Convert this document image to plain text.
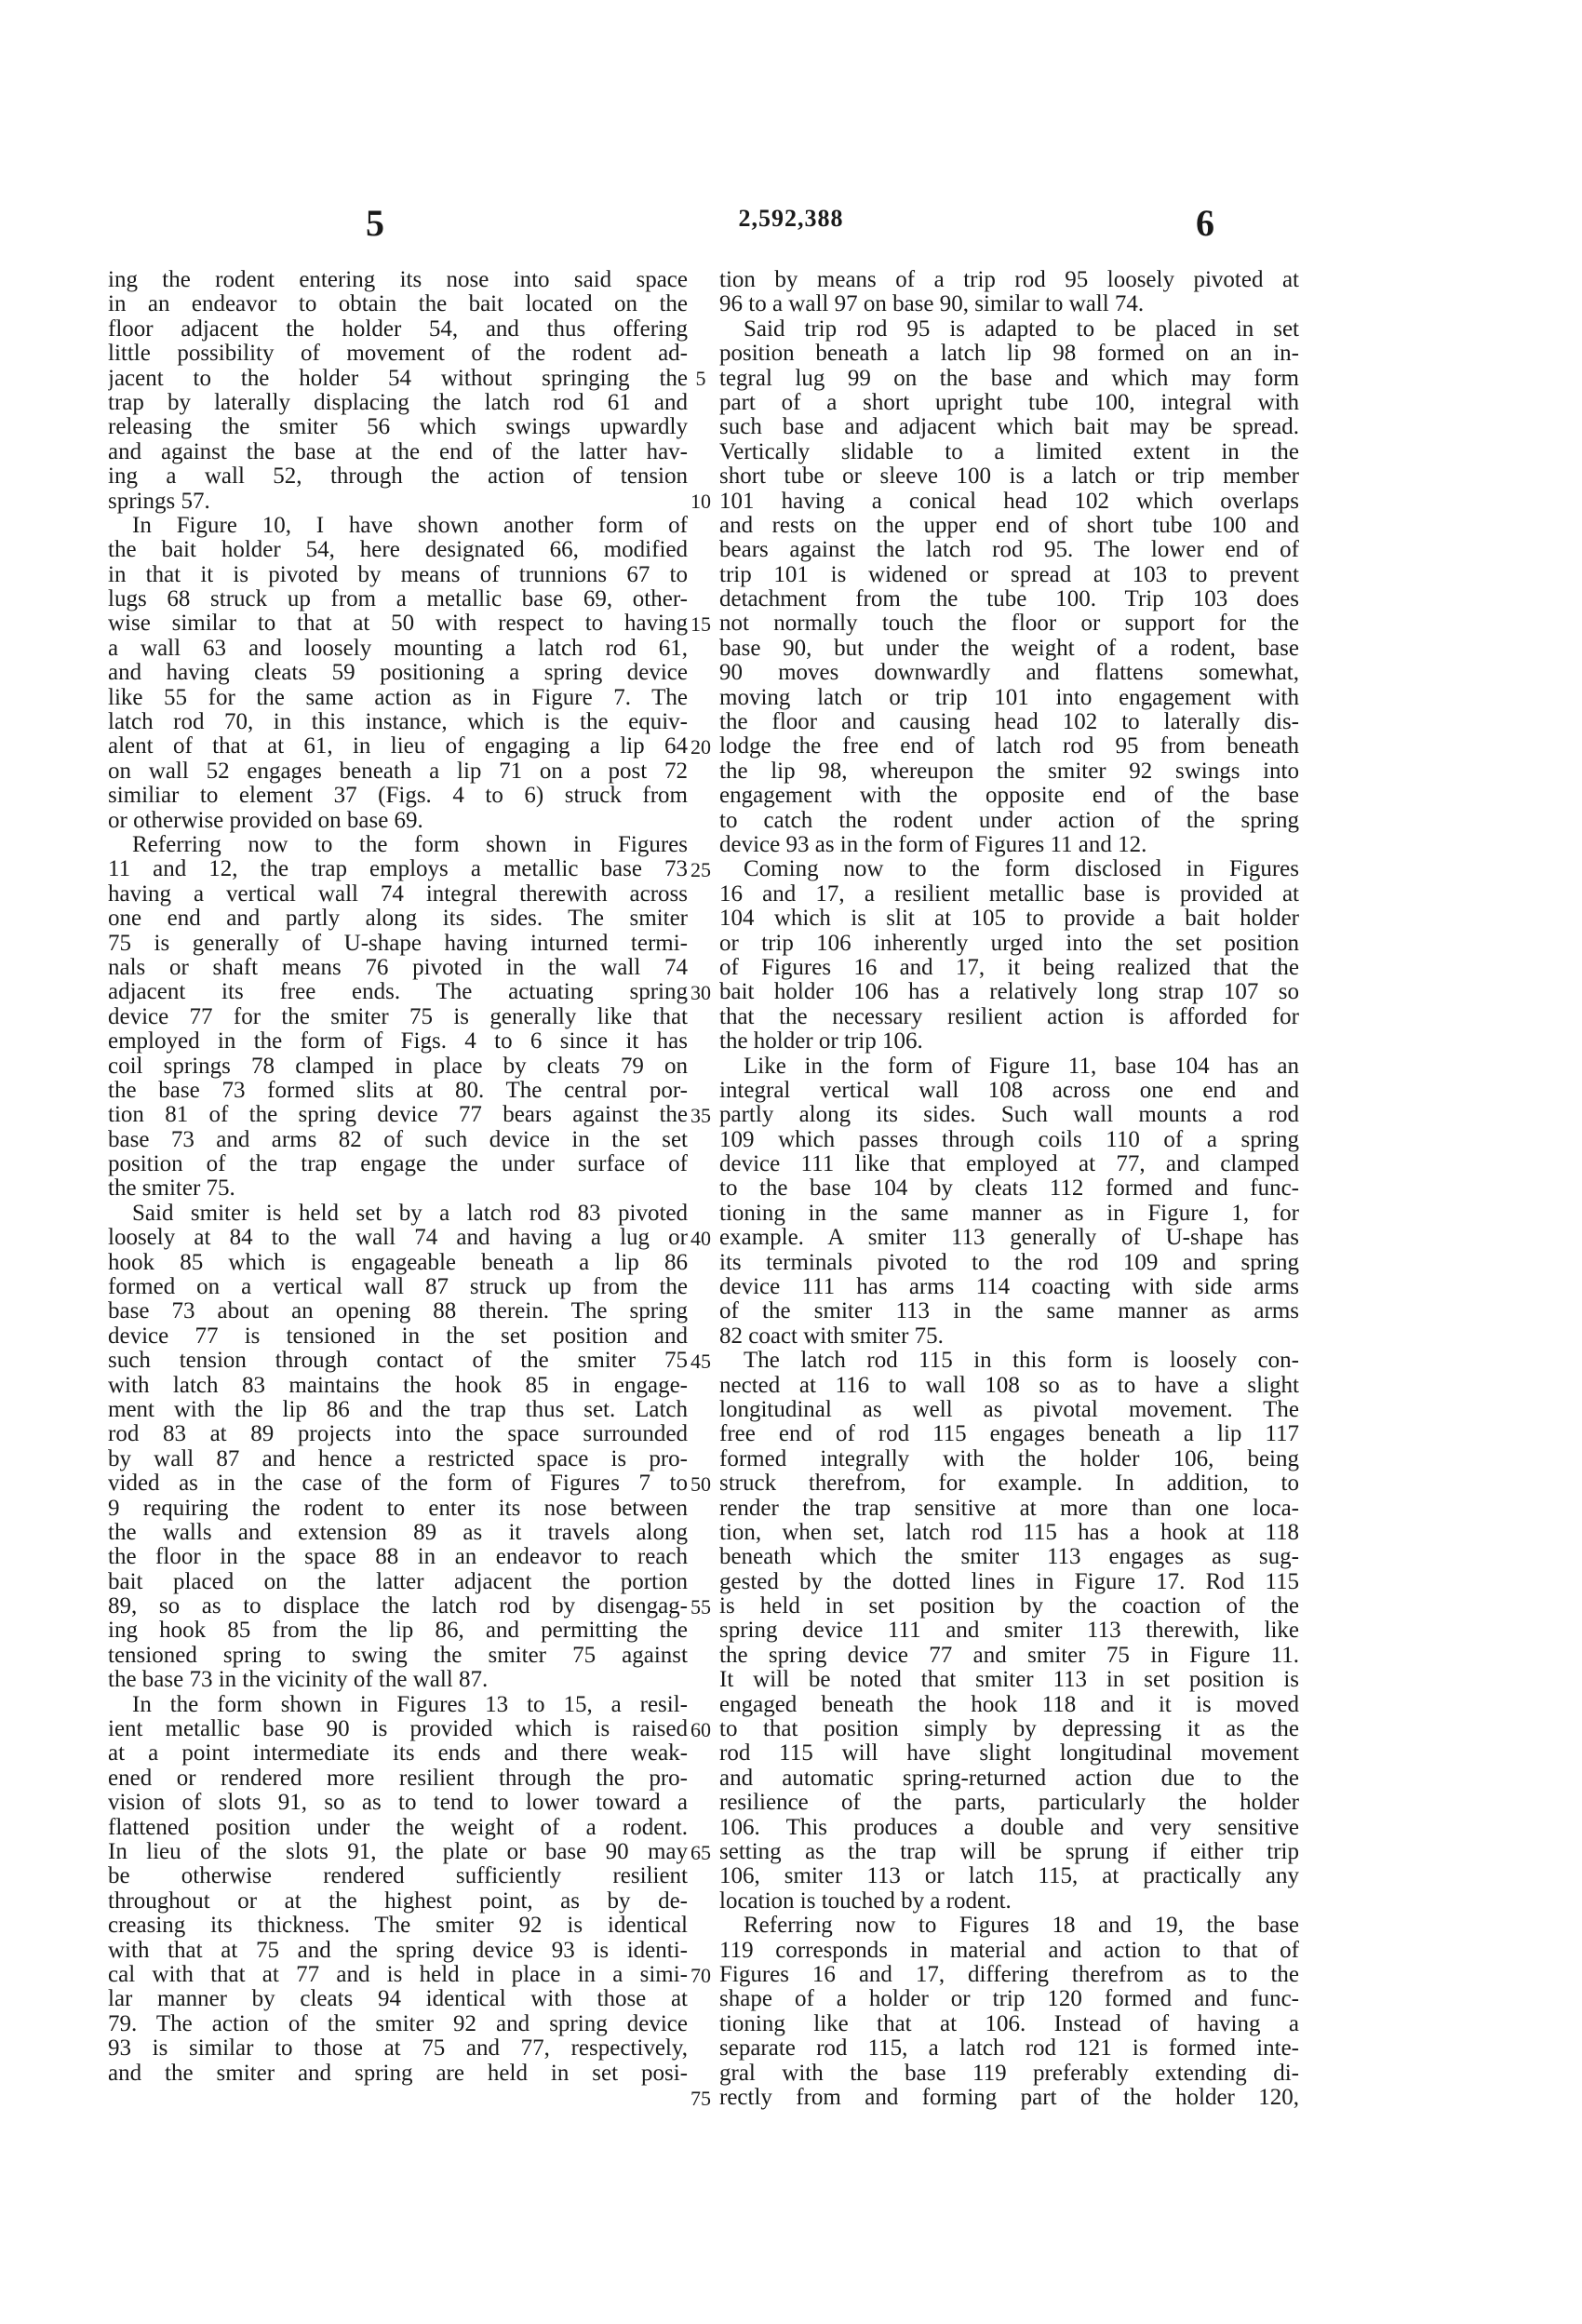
5	2,592,388	6
ing the rodent entering its nose into said space
in an endeavor to obtain the bait located on the
floor adjacent the holder 54, and thus offering
little possibility of movement of the rodent ad-
jacent to the holder 54 without springing the
trap by laterally displacing the latch rod 61 and
releasing the smiter 56 which swings upwardly
and against the base at the end of the latter hav-
ing a wall 52, through the action of tension
springs 57.
In Figure 10, I have shown another form of
the bait holder 54, here designated 66, modified
in that it is pivoted by means of trunnions 67 to
lugs 68 struck up from a metallic base 69, other-
wise similar to that at 50 with respect to having
a wall 63 and loosely mounting a latch rod 61,
and having cleats 59 positioning a spring device
like 55 for the same action as in Figure 7. The
latch rod 70, in this instance, which is the equiv-
alent of that at 61, in lieu of engaging a lip 64
on wall 52 engages beneath a lip 71 on a post 72
similiar to element 37 (Figs. 4 to 6) struck from
or otherwise provided on base 69.
Referring now to the form shown in Figures
11 and 12, the trap employs a metallic base 73
having a vertical wall 74 integral therewith across
one end and partly along its sides. The smiter
75 is generally of U-shape having inturned termi-
nals or shaft means 76 pivoted in the wall 74
adjacent its free ends. The actuating spring
device 77 for the smiter 75 is generally like that
employed in the form of Figs. 4 to 6 since it has
coil springs 78 clamped in place by cleats 79 on
the base 73 formed slits at 80. The central por-
tion 81 of the spring device 77 bears against the
base 73 and arms 82 of such device in the set
position of the trap engage the under surface of
the smiter 75.
Said smiter is held set by a latch rod 83 pivoted
loosely at 84 to the wall 74 and having a lug or
hook 85 which is engageable beneath a lip 86
formed on a vertical wall 87 struck up from the
base 73 about an opening 88 therein. The spring
device 77 is tensioned in the set position and
such tension through contact of the smiter 75
with latch 83 maintains the hook 85 in engage-
ment with the lip 86 and the trap thus set. Latch
rod 83 at 89 projects into the space surrounded
by wall 87 and hence a restricted space is pro-
vided as in the case of the form of Figures 7 to
9 requiring the rodent to enter its nose between
the walls and extension 89 as it travels along
the floor in the space 88 in an endeavor to reach
bait placed on the latter adjacent the portion
89, so as to displace the latch rod by disengag-
ing hook 85 from the lip 86, and permitting the
tensioned spring to swing the smiter 75 against
the base 73 in the vicinity of the wall 87.
In the form shown in Figures 13 to 15, a resil-
ient metallic base 90 is provided which is raised
at a point intermediate its ends and there weak-
ened or rendered more resilient through the pro-
vision of slots 91, so as to tend to lower toward a
flattened position under the weight of a rodent.
In lieu of the slots 91, the plate or base 90 may
be otherwise rendered sufficiently resilient
throughout or at the highest point, as by de-
creasing its thickness. The smiter 92 is identical
with that at 75 and the spring device 93 is identi-
cal with that at 77 and is held in place in a simi-
lar manner by cleats 94 identical with those at
79. The action of the smiter 92 and spring device
93 is similar to those at 75 and 77, respectively,
and the smiter and spring are held in set posi-
5
10
15
20
25
30
35
40
45
50
55
60
65
70
75
tion by means of a trip rod 95 loosely pivoted at
96 to a wall 97 on base 90, similar to wall 74.
Said trip rod 95 is adapted to be placed in set
position beneath a latch lip 98 formed on an in-
tegral lug 99 on the base and which may form
part of a short upright tube 100, integral with
such base and adjacent which bait may be spread.
Vertically slidable to a limited extent in the
short tube or sleeve 100 is a latch or trip member
101 having a conical head 102 which overlaps
and rests on the upper end of short tube 100 and
bears against the latch rod 95. The lower end of
trip 101 is widened or spread at 103 to prevent
detachment from the tube 100. Trip 103 does
not normally touch the floor or support for the
base 90, but under the weight of a rodent, base
90 moves downwardly and flattens somewhat,
moving latch or trip 101 into engagement with
the floor and causing head 102 to laterally dis-
lodge the free end of latch rod 95 from beneath
the lip 98, whereupon the smiter 92 swings into
engagement with the opposite end of the base
to catch the rodent under action of the spring
device 93 as in the form of Figures 11 and 12.
Coming now to the form disclosed in Figures
16 and 17, a resilient metallic base is provided at
104 which is slit at 105 to provide a bait holder
or trip 106 inherently urged into the set position
of Figures 16 and 17, it being realized that the
bait holder 106 has a relatively long strap 107 so
that the necessary resilient action is afforded for
the holder or trip 106.
Like in the form of Figure 11, base 104 has an
integral vertical wall 108 across one end and
partly along its sides. Such wall mounts a rod
109 which passes through coils 110 of a spring
device 111 like that employed at 77, and clamped
to the base 104 by cleats 112 formed and func-
tioning in the same manner as in Figure 1, for
example. A smiter 113 generally of U-shape has
its terminals pivoted to the rod 109 and spring
device 111 has arms 114 coacting with side arms
of the smiter 113 in the same manner as arms
82 coact with smiter 75.
The latch rod 115 in this form is loosely con-
nected at 116 to wall 108 so as to have a slight
longitudinal as well as pivotal movement. The
free end of rod 115 engages beneath a lip 117
formed integrally with the holder 106, being
struck therefrom, for example. In addition, to
render the trap sensitive at more than one loca-
tion, when set, latch rod 115 has a hook at 118
beneath which the smiter 113 engages as sug-
gested by the dotted lines in Figure 17. Rod 115
is held in set position by the coaction of the
spring device 111 and smiter 113 therewith, like
the spring device 77 and smiter 75 in Figure 11.
It will be noted that smiter 113 in set position is
engaged beneath the hook 118 and it is moved
to that position simply by depressing it as the
rod 115 will have slight longitudinal movement
and automatic spring-returned action due to the
resilience of the parts, particularly the holder
106. This produces a double and very sensitive
setting as the trap will be sprung if either trip
106, smiter 113 or latch 115, at practically any
location is touched by a rodent.
Referring now to Figures 18 and 19, the base
119 corresponds in material and action to that of
Figures 16 and 17, differing therefrom as to the
shape of a holder or trip 120 formed and func-
tioning like that at 106. Instead of having a
separate rod 115, a latch rod 121 is formed inte-
gral with the base 119 preferably extending di-
rectly from and forming part of the holder 120,
